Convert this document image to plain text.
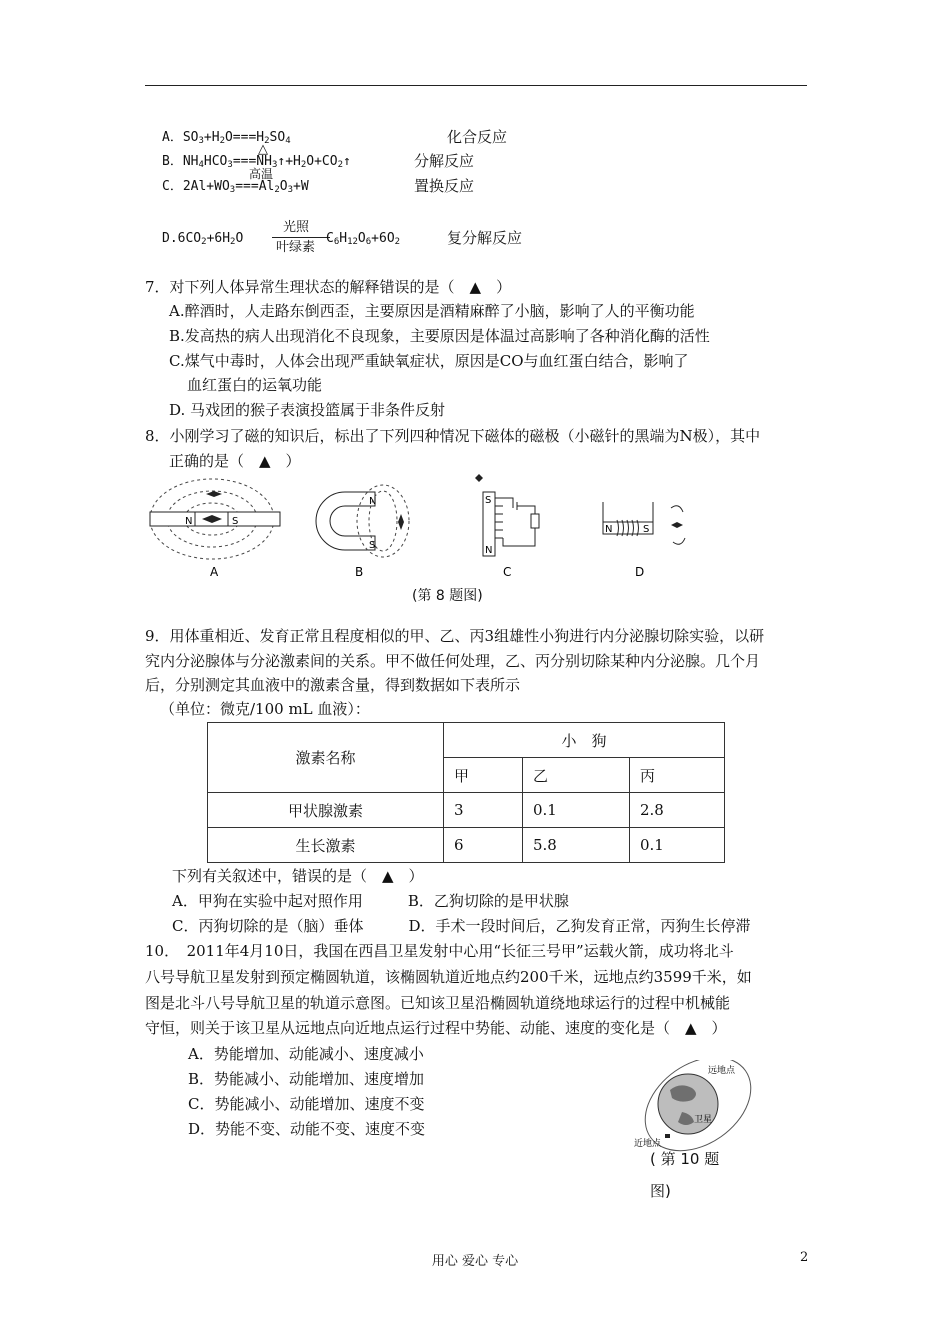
A．$SO_3+H_2O===H_2SO_4$	化合反应
△
B．$NH_4HCO_3===NH_3↑+H_2O+CO_2↑$	分解反应
高温
C．$2Al+WO_3===Al_2O_3+W$	置换反应
$D.6CO_2+6H_2O$
光照
叶绿素
$C_6H_{12}O_6+6O_2$	复分解反应
7．对下列人体异常生理状态的解释错误的是（　▲　）
A.醉酒时，人走路东倒西歪，主要原因是酒精麻醉了小脑，影响了人的平衡功能
B.发高热的病人出现消化不良现象，主要原因是体温过高影响了各种消化酶的活性
C.煤气中毒时，人体会出现严重缺氧症状，原因是CO与血红蛋白结合，影响了
血红蛋白的运氧功能
D. 马戏团的猴子表演投篮属于非条件反射
8．小刚学习了磁的知识后，标出了下列四种情况下磁体的磁极（小磁针的黑端为N极），其中
正确的是（　▲　）
N	S
A
N
S
B
S
N
C
N	S
D
(第 8 题图)
9．用体重相近、发育正常且程度相似的甲、乙、丙3组雄性小狗进行内分泌腺切除实验，以研
究内分泌腺体与分泌激素间的关系。甲不做任何处理，乙、丙分别切除某种内分泌腺。几个月
后，分别测定其血液中的激素含量，得到数据如下表所示
（单位：微克/100 mL 血液）：
激素名称	小　狗		
	甲	乙	丙
甲状腺激素	3	0.1	2.8
生长激素	6	5.8	0.1
下列有关叙述中，错误的是（　▲　）
A．甲狗在实验中起对照作用　　　B．乙狗切除的是甲状腺
C．丙狗切除的是（脑）垂体　　　D．手术一段时间后，乙狗发育正常，丙狗生长停滞
10．　2011年4月10日，我国在西昌卫星发射中心用“长征三号甲”运载火箭，成功将北斗
八号导航卫星发射到预定椭圆轨道，该椭圆轨道近地点约200千米，远地点约3599千米，如
图是北斗八号导航卫星的轨道示意图。已知该卫星沿椭圆轨道绕地球运行的过程中机械能
守恒，则关于该卫星从远地点向近地点运行过程中势能、动能、速度的变化是（　▲　）
A．势能增加、动能减小、速度减小
B．势能减小、动能增加、速度增加
C．势能减小、动能增加、速度不变
D．势能不变、动能不变、速度不变
远地点
近地点
卫星
( 第 10 题
图)
用心 爱心 专心	2
